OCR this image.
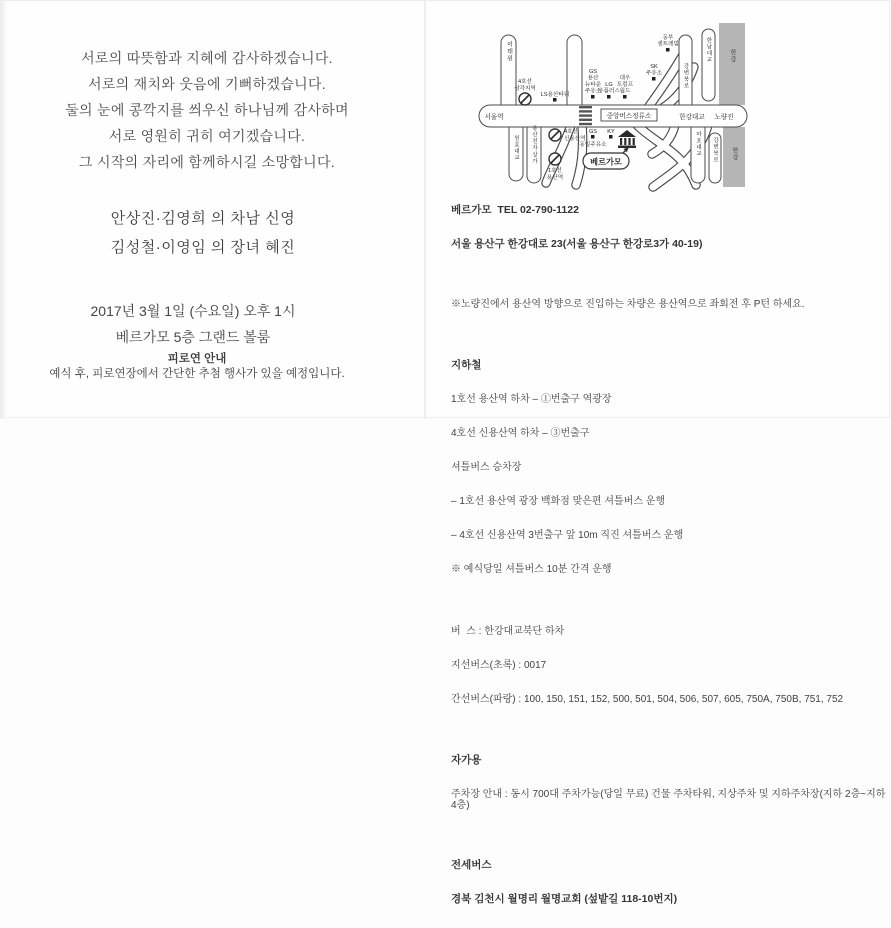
서로의 따뜻함과 지혜에 감사하겠습니다.
서로의 재치와 웃음에 기뻐하겠습니다.
둘의 눈에 콩깍지를 씌우신 하나님께 감사하며
서로 영원히 귀히 여기겠습니다.
그 시작의 자리에 함께하시길 소망합니다.
안상진·김영희 의 차남 신영
김성철·이영임 의 장녀 혜진
2017년 3월 1일 (수요일) 오후 1시
베르가모 5층 그랜드 볼룸
피로연 안내
예식 후, 피로연장에서 간단한 추첨 행사가 있을 예정입니다.
한강
한강
중앙버스정류소
서울역	한강대교 노량진
이태원
강변북로
한남대교
원효대교 용산전자상가	마포대교 강변북로
4호선
삼각지역
LS용산타워
GS
용산
뉴타운
주유소
LG
유플러스
대우
트럼프
월드
SK
주유소
동부
센트레빌
4호선
신용산역
1호선
용산역
GS
동일주유소
KY
베르가모

베르가모  TEL 02-790-1122

서울 용산구 한강대로 23(서울 용산구 한강로3가 40-19)

※노량진에서 용산역 방향으로 진입하는 차량은 용산역으로 좌회전 후 P턴 하세요.

지하철

1호선 용산역 하차 – ①번출구 역광장

4호선 신용산역 하차 – ③번출구

셔틀버스 승차장

– 1호선 용산역 광장 백화점 맞은편 셔틀버스 운행

– 4호선 신용산역 3번출구 앞 10m 직진 셔틀버스 운행

※ 예식당일 셔틀버스 10분 간격 운행

버  스 : 한강대교북단 하차

지선버스(초록) : 0017

간선버스(파랑) : 100, 150, 151, 152, 500, 501, 504, 506, 507, 605, 750A, 750B, 751, 752

자가용

주차장 안내 : 동시 700대 주차가능(당일 무료) 건물 주차타워, 지상주차 및 지하주차장(지하 2층~지하 4층)

전세버스

경북 김천시 월명리 월명교회 (섶밭길 118-10번지)
